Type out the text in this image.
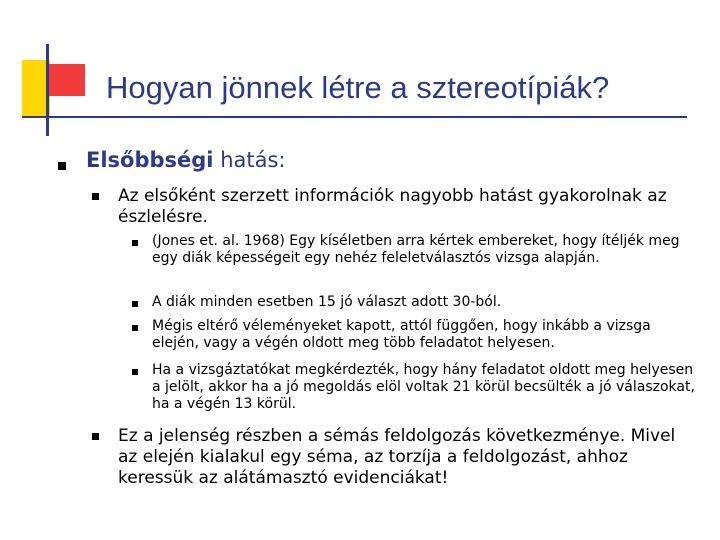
Hogyan jönnek létre a sztereotípiák?
Elsőbbségi hatás:
Az elsőként szerzett információk nagyobb hatást gyakorolnak az észlelésre.
(Jones et. al. 1968) Egy kíséletben arra kértek embereket, hogy ítéljék meg egy diák képességeit egy nehéz feleletválasztós vizsga alapján.
A diák minden esetben 15 jó választ adott 30-ból.
Mégis eltérő véleményeket kapott, attól függően, hogy inkább a vizsga elején, vagy a végén oldott meg több feladatot helyesen.
Ha a vizsgáztatókat megkérdezték, hogy hány feladatot oldott meg helyesen a jelölt, akkor ha a jó megoldás elöl voltak 21 körül becsülték a jó válaszokat, ha a végén 13 körül.
Ez a jelenség részben a sémás feldolgozás következménye. Mivel az elején kialakul egy séma, az torzíja a feldolgozást, ahhoz keressük az alátámasztó evidenciákat!
